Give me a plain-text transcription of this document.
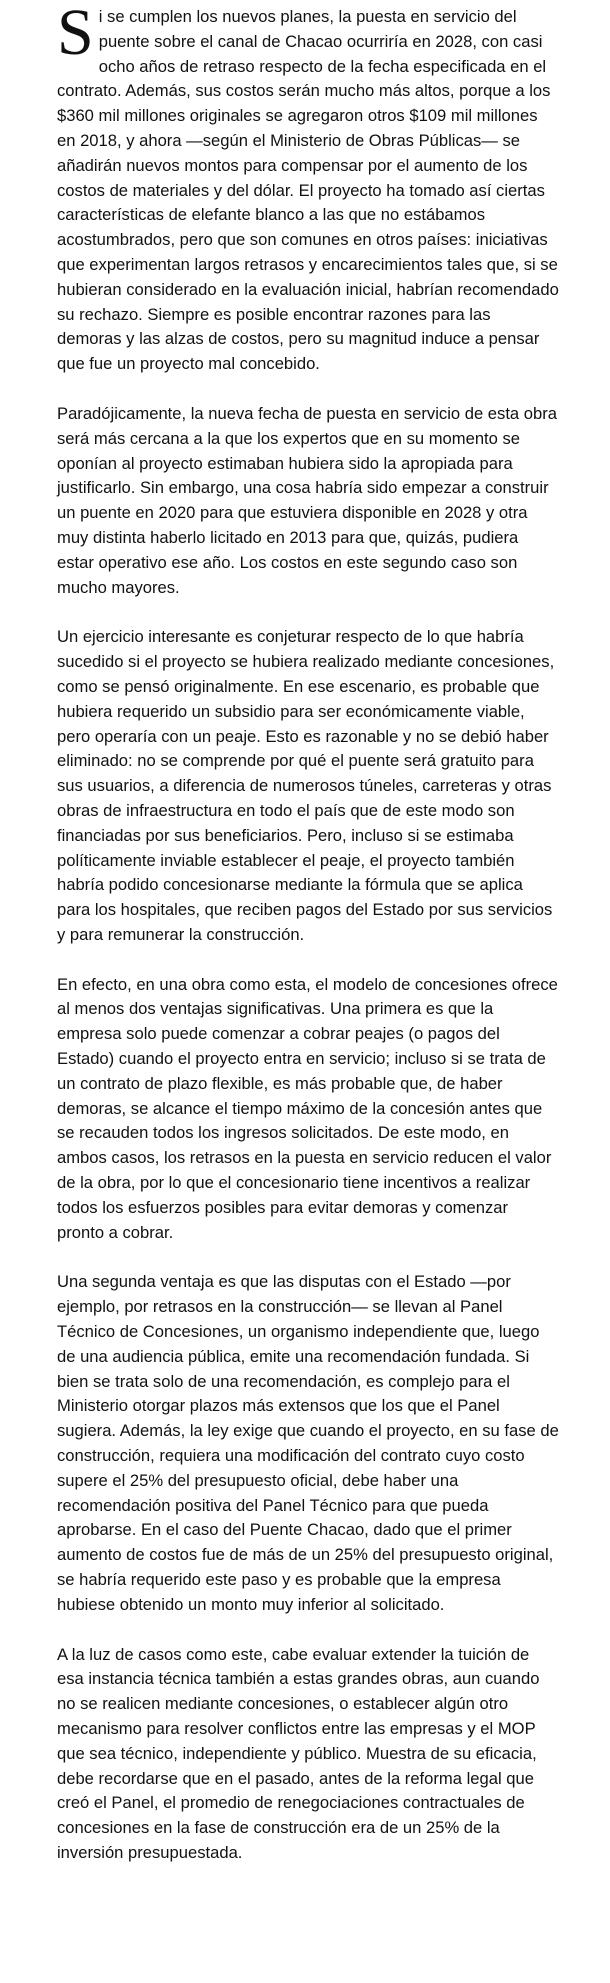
Si se cumplen los nuevos planes, la puesta en servicio del puente sobre el canal de Chacao ocurriría en 2028, con casi ocho años de retraso respecto de la fecha especificada en el contrato. Además, sus costos serán mucho más altos, porque a los $360 mil millones originales se agregaron otros $109 mil millones en 2018, y ahora —según el Ministerio de Obras Públicas— se añadirán nuevos montos para compensar por el aumento de los costos de materiales y del dólar. El proyecto ha tomado así ciertas características de elefante blanco a las que no estábamos acostumbrados, pero que son comunes en otros países: iniciativas que experimentan largos retrasos y encarecimientos tales que, si se hubieran considerado en la evaluación inicial, habrían recomendado su rechazo. Siempre es posible encontrar razones para las demoras y las alzas de costos, pero su magnitud induce a pensar que fue un proyecto mal concebido.

Paradójicamente, la nueva fecha de puesta en servicio de esta obra será más cercana a la que los expertos que en su momento se oponían al proyecto estimaban hubiera sido la apropiada para justificarlo. Sin embargo, una cosa habría sido empezar a construir un puente en 2020 para que estuviera disponible en 2028 y otra muy distinta haberlo licitado en 2013 para que, quizás, pudiera estar operativo ese año. Los costos en este segundo caso son mucho mayores.

Un ejercicio interesante es conjeturar respecto de lo que habría sucedido si el proyecto se hubiera realizado mediante concesiones, como se pensó originalmente. En ese escenario, es probable que hubiera requerido un subsidio para ser económicamente viable, pero operaría con un peaje. Esto es razonable y no se debió haber eliminado: no se comprende por qué el puente será gratuito para sus usuarios, a diferencia de numerosos túneles, carreteras y otras obras de infraestructura en todo el país que de este modo son financiadas por sus beneficiarios. Pero, incluso si se estimaba políticamente inviable establecer el peaje, el proyecto también habría podido concesionarse mediante la fórmula que se aplica para los hospitales, que reciben pagos del Estado por sus servicios y para remunerar la construcción.

En efecto, en una obra como esta, el modelo de concesiones ofrece al menos dos ventajas significativas. Una primera es que la empresa solo puede comenzar a cobrar peajes (o pagos del Estado) cuando el proyecto entra en servicio; incluso si se trata de un contrato de plazo flexible, es más probable que, de haber demoras, se alcance el tiempo máximo de la concesión antes que se recauden todos los ingresos solicitados. De este modo, en ambos casos, los retrasos en la puesta en servicio reducen el valor de la obra, por lo que el concesionario tiene incentivos a realizar todos los esfuerzos posibles para evitar demoras y comenzar pronto a cobrar.

Una segunda ventaja es que las disputas con el Estado —por ejemplo, por retrasos en la construcción— se llevan al Panel Técnico de Concesiones, un organismo independiente que, luego de una audiencia pública, emite una recomendación fundada. Si bien se trata solo de una recomendación, es complejo para el Ministerio otorgar plazos más extensos que los que el Panel sugiera. Además, la ley exige que cuando el proyecto, en su fase de construcción, requiera una modificación del contrato cuyo costo supere el 25% del presupuesto oficial, debe haber una recomendación positiva del Panel Técnico para que pueda aprobarse. En el caso del Puente Chacao, dado que el primer aumento de costos fue de más de un 25% del presupuesto original, se habría requerido este paso y es probable que la empresa hubiese obtenido un monto muy inferior al solicitado.

A la luz de casos como este, cabe evaluar extender la tuición de esa instancia técnica también a estas grandes obras, aun cuando no se realicen mediante concesiones, o establecer algún otro mecanismo para resolver conflictos entre las empresas y el MOP que sea técnico, independiente y público. Muestra de su eficacia, debe recordarse que en el pasado, antes de la reforma legal que creó el Panel, el promedio de renegociaciones contractuales de concesiones en la fase de construcción era de un 25% de la inversión presupuestada.
